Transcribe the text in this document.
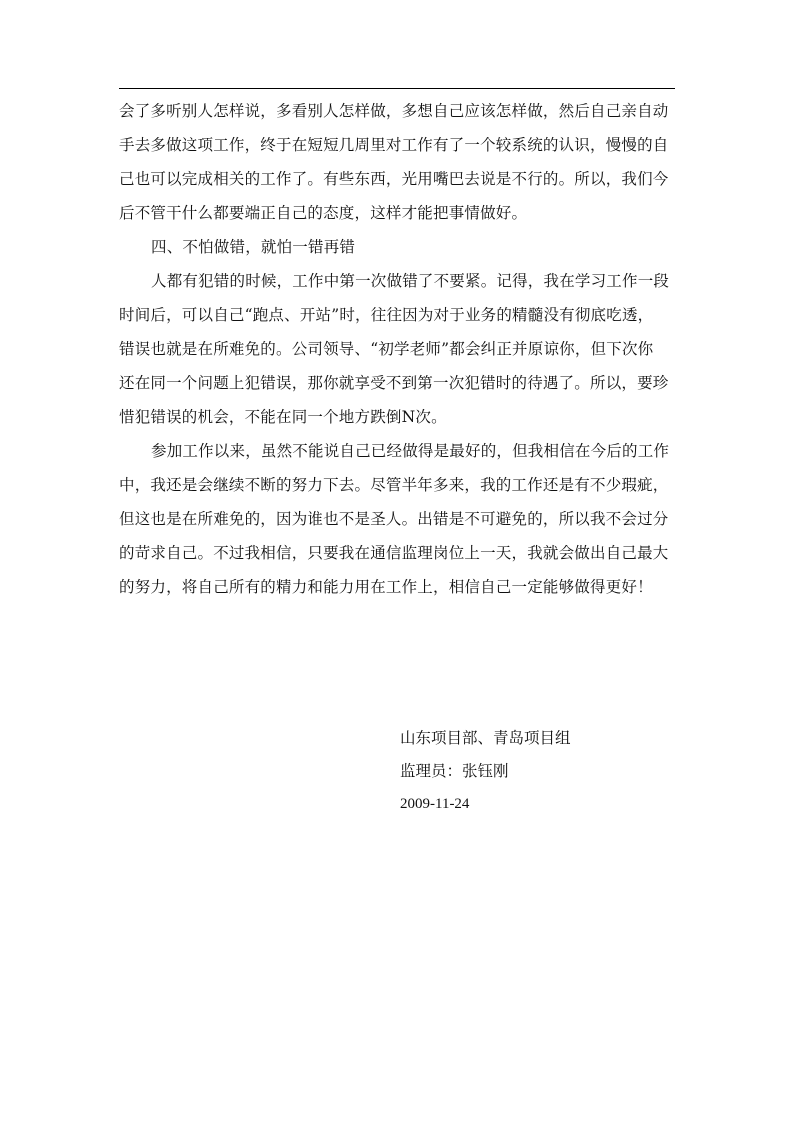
会了多听别人怎样说，多看别人怎样做，多想自己应该怎样做，然后自己亲自动
手去多做这项工作，终于在短短几周里对工作有了一个较系统的认识，慢慢的自
己也可以完成相关的工作了。有些东西，光用嘴巴去说是不行的。所以，我们今
后不管干什么都要端正自己的态度，这样才能把事情做好。
四、不怕做错，就怕一错再错
人都有犯错的时候，工作中第一次做错了不要紧。记得，我在学习工作一段
时间后，可以自己“跑点、开站”时，往往因为对于业务的精髓没有彻底吃透，
错误也就是在所难免的。公司领导、“初学老师”都会纠正并原谅你，但下次你
还在同一个问题上犯错误，那你就享受不到第一次犯错时的待遇了。所以，要珍
惜犯错误的机会，不能在同一个地方跌倒N次。
参加工作以来，虽然不能说自己已经做得是最好的，但我相信在今后的工作
中，我还是会继续不断的努力下去。尽管半年多来，我的工作还是有不少瑕疵，
但这也是在所难免的，因为谁也不是圣人。出错是不可避免的，所以我不会过分
的苛求自己。不过我相信，只要我在通信监理岗位上一天，我就会做出自己最大
的努力，将自己所有的精力和能力用在工作上，相信自己一定能够做得更好！
山东项目部、青岛项目组
监理员：张钰刚
2009-11-24
